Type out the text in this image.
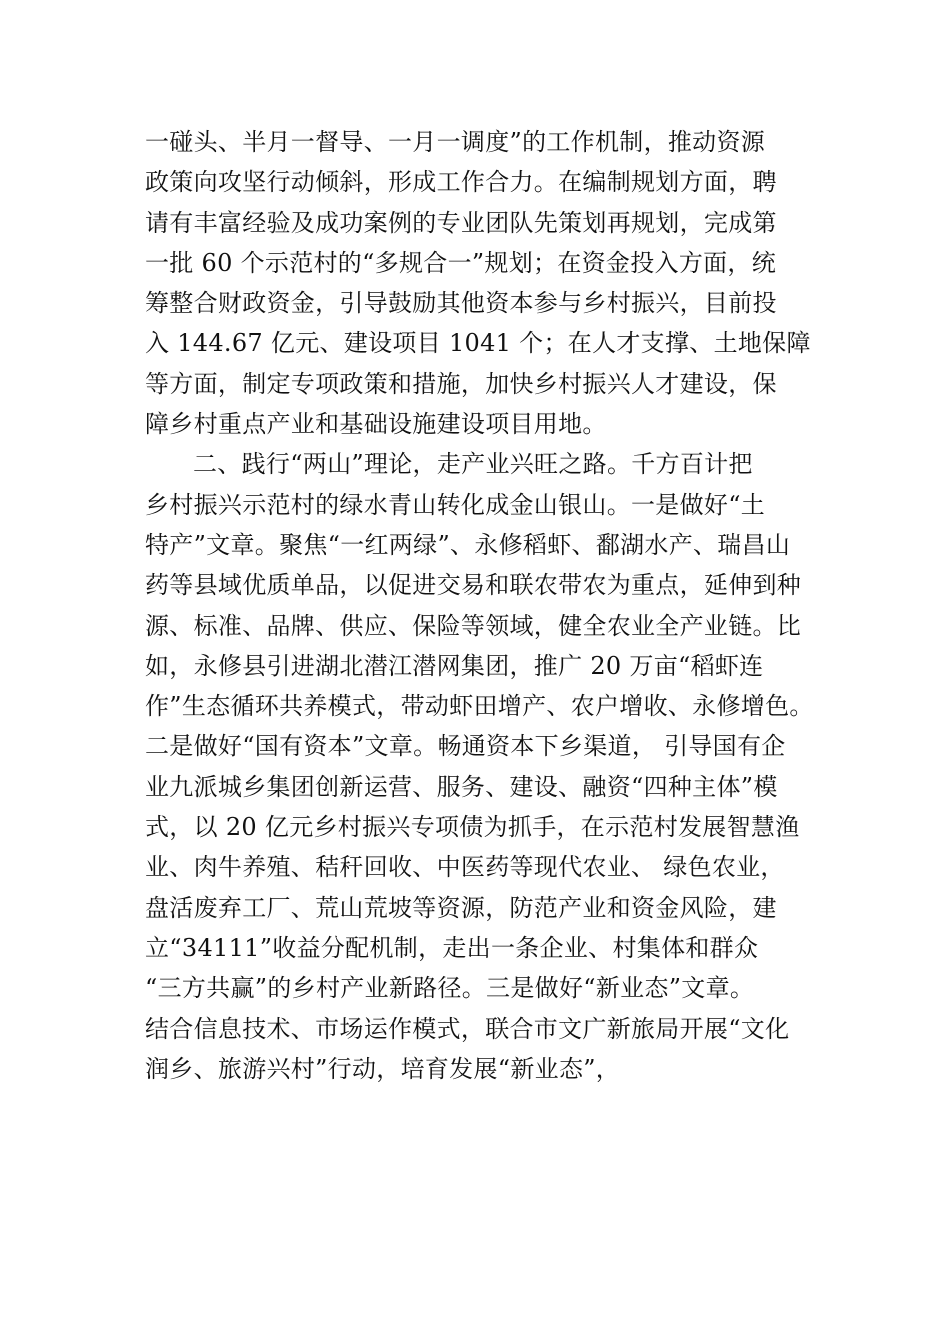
一碰头、半月一督导、一月一调度”的工作机制，推动资源
政策向攻坚行动倾斜，形成工作合力。在编制规划方面，聘
请有丰富经验及成功案例的专业团队先策划再规划，完成第
一批 60 个示范村的“多规合一”规划；在资金投入方面，统
筹整合财政资金，引导鼓励其他资本参与乡村振兴，目前投
入 144.67 亿元、建设项目 1041 个；在人才支撑、土地保障
等方面，制定专项政策和措施，加快乡村振兴人才建设，保
障乡村重点产业和基础设施建设项目用地。
二、践行“两山”理论，走产业兴旺之路。千方百计把
乡村振兴示范村的绿水青山转化成金山银山。一是做好“土
特产”文章。聚焦“一红两绿”、永修稻虾、鄱湖水产、瑞昌山
药等县域优质单品，以促进交易和联农带农为重点，延伸到种
源、标准、品牌、供应、保险等领域，健全农业全产业链。比
如，永修县引进湖北潜江潜网集团，推广 20 万亩“稻虾连
作”生态循环共养模式，带动虾田增产、农户增收、永修增色。
二是做好“国有资本”文章。畅通资本下乡渠道， 引导国有企
业九派城乡集团创新运营、服务、建设、融资“四种主体”模
式，以 20 亿元乡村振兴专项债为抓手，在示范村发展智慧渔
业、肉牛养殖、秸秆回收、中医药等现代农业、 绿色农业，
盘活废弃工厂、荒山荒坡等资源，防范产业和资金风险，建
立“34111”收益分配机制，走出一条企业、村集体和群众
“三方共赢”的乡村产业新路径。三是做好“新业态”文章。
结合信息技术、市场运作模式，联合市文广新旅局开展“文化
润乡、旅游兴村”行动，培育发展“新业态”，
